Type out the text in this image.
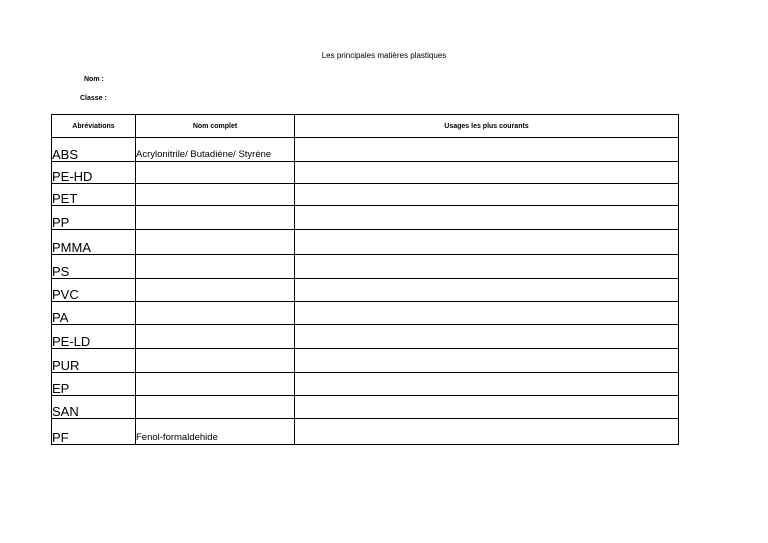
Les principales matières plastiques
Nom :
Classe :
Abréviations	Nom complet	Usages les plus courants
ABS	Acrylonitrile/ Butadiène/ Styrène	
PE-HD		
PET		
PP		
PMMA		
PS		
PVC		
PA		
PE-LD		
PUR		
EP		
SAN		
PF	Fenol-formaldehide	
